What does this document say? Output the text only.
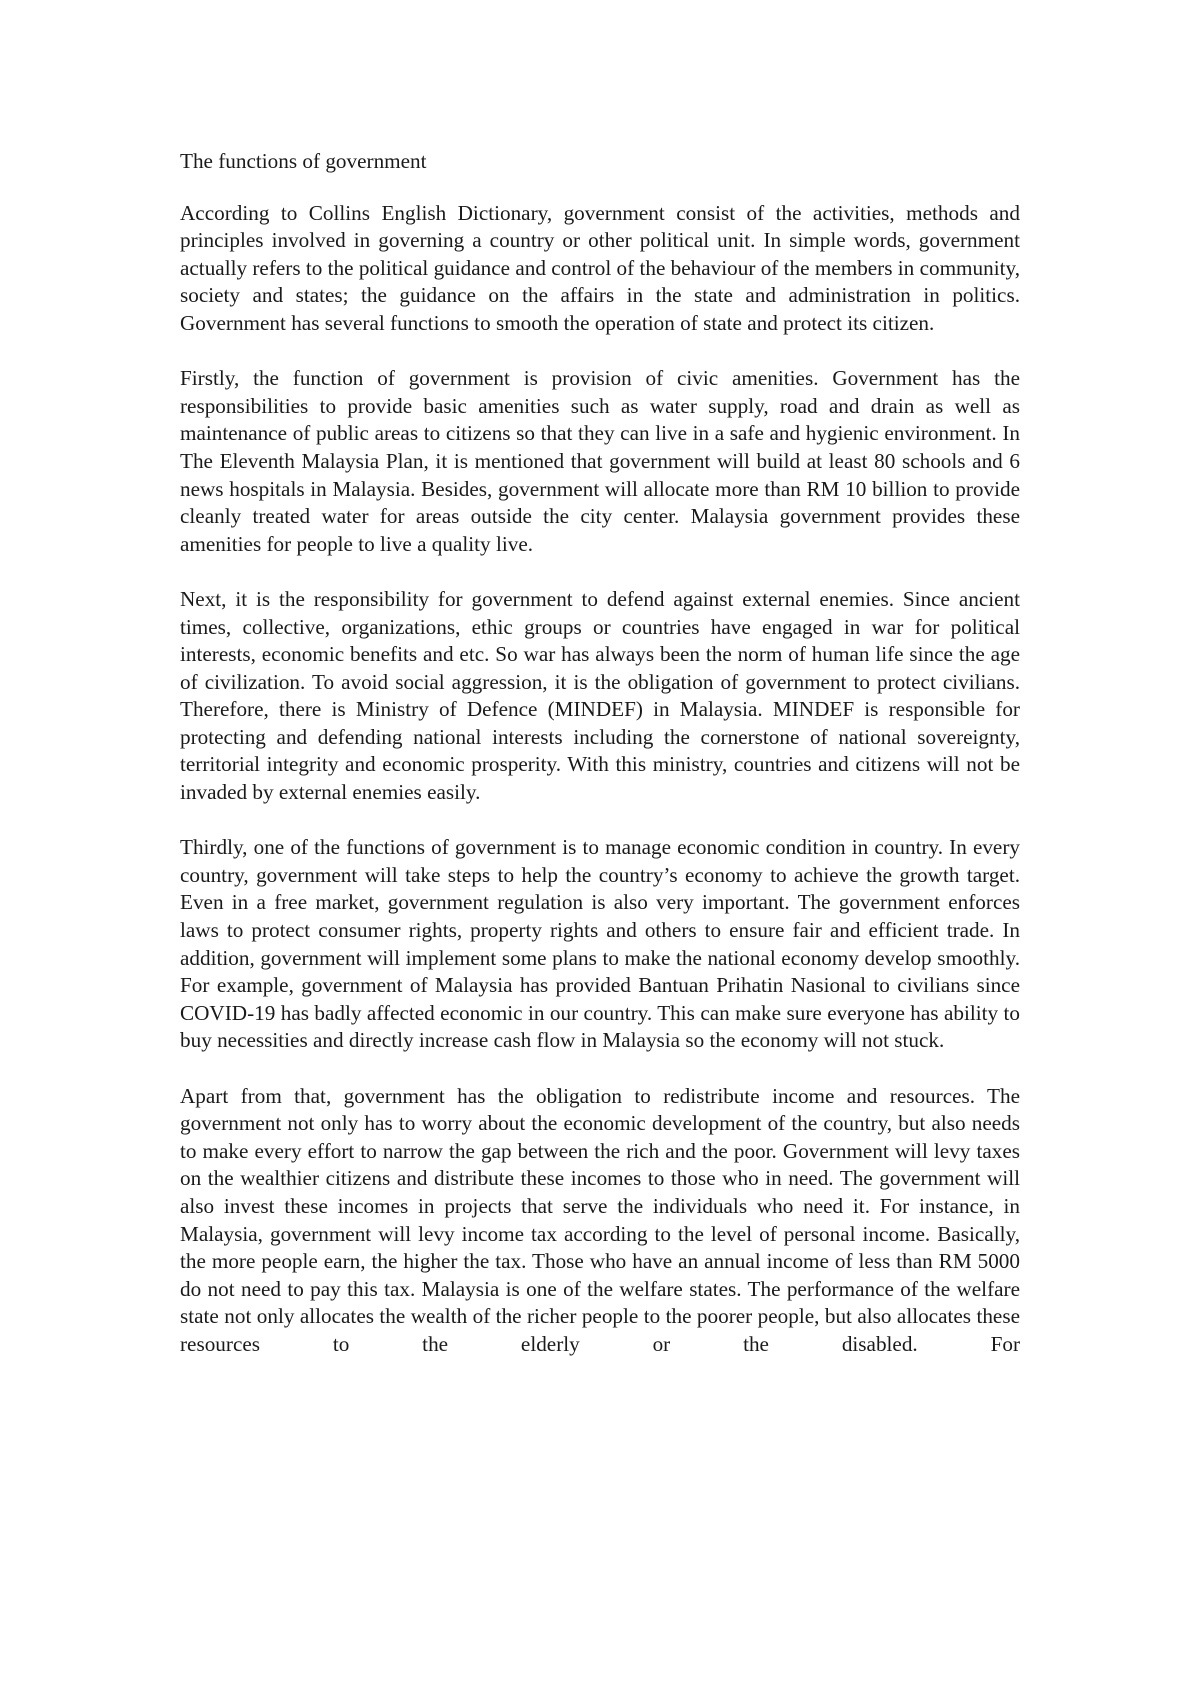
The functions of government

According to Collins English Dictionary, government consist of the activities, methods and principles involved in governing a country or other political unit. In simple words, government actually refers to the political guidance and control of the behaviour of the members in community, society and states; the guidance on the affairs in the state and administration in politics. Government has several functions to smooth the operation of state and protect its citizen.

Firstly, the function of government is provision of civic amenities. Government has the responsibilities to provide basic amenities such as water supply, road and drain as well as maintenance of public areas to citizens so that they can live in a safe and hygienic environment. In The Eleventh Malaysia Plan, it is mentioned that government will build at least 80 schools and 6 news hospitals in Malaysia. Besides, government will allocate more than RM 10 billion to provide cleanly treated water for areas outside the city center. Malaysia government provides these amenities for people to live a quality live.

Next, it is the responsibility for government to defend against external enemies. Since ancient times, collective, organizations, ethic groups or countries have engaged in war for political interests, economic benefits and etc. So war has always been the norm of human life since the age of civilization. To avoid social aggression, it is the obligation of government to protect civilians. Therefore, there is Ministry of Defence (MINDEF) in Malaysia. MINDEF is responsible for protecting and defending national interests including the cornerstone of national sovereignty, territorial integrity and economic prosperity. With this ministry, countries and citizens will not be invaded by external enemies easily.

Thirdly, one of the functions of government is to manage economic condition in country. In every country, government will take steps to help the country’s economy to achieve the growth target. Even in a free market, government regulation is also very important. The government enforces laws to protect consumer rights, property rights and others to ensure fair and efficient trade. In addition, government will implement some plans to make the national economy develop smoothly. For example, government of Malaysia has provided Bantuan Prihatin Nasional to civilians since COVID-19 has badly affected economic in our country. This can make sure everyone has ability to buy necessities and directly increase cash flow in Malaysia so the economy will not stuck.

Apart from that, government has the obligation to redistribute income and resources. The government not only has to worry about the economic development of the country, but also needs to make every effort to narrow the gap between the rich and the poor. Government will levy taxes on the wealthier citizens and distribute these incomes to those who in need. The government will also invest these incomes in projects that serve the individuals who need it. For instance, in Malaysia, government will levy income tax according to the level of personal income. Basically, the more people earn, the higher the tax. Those who have an annual income of less than RM 5000 do not need to pay this tax. Malaysia is one of the welfare states. The performance of the welfare state not only allocates the wealth of the richer people to the poorer people, but also allocates these resources to the elderly or the disabled. For
